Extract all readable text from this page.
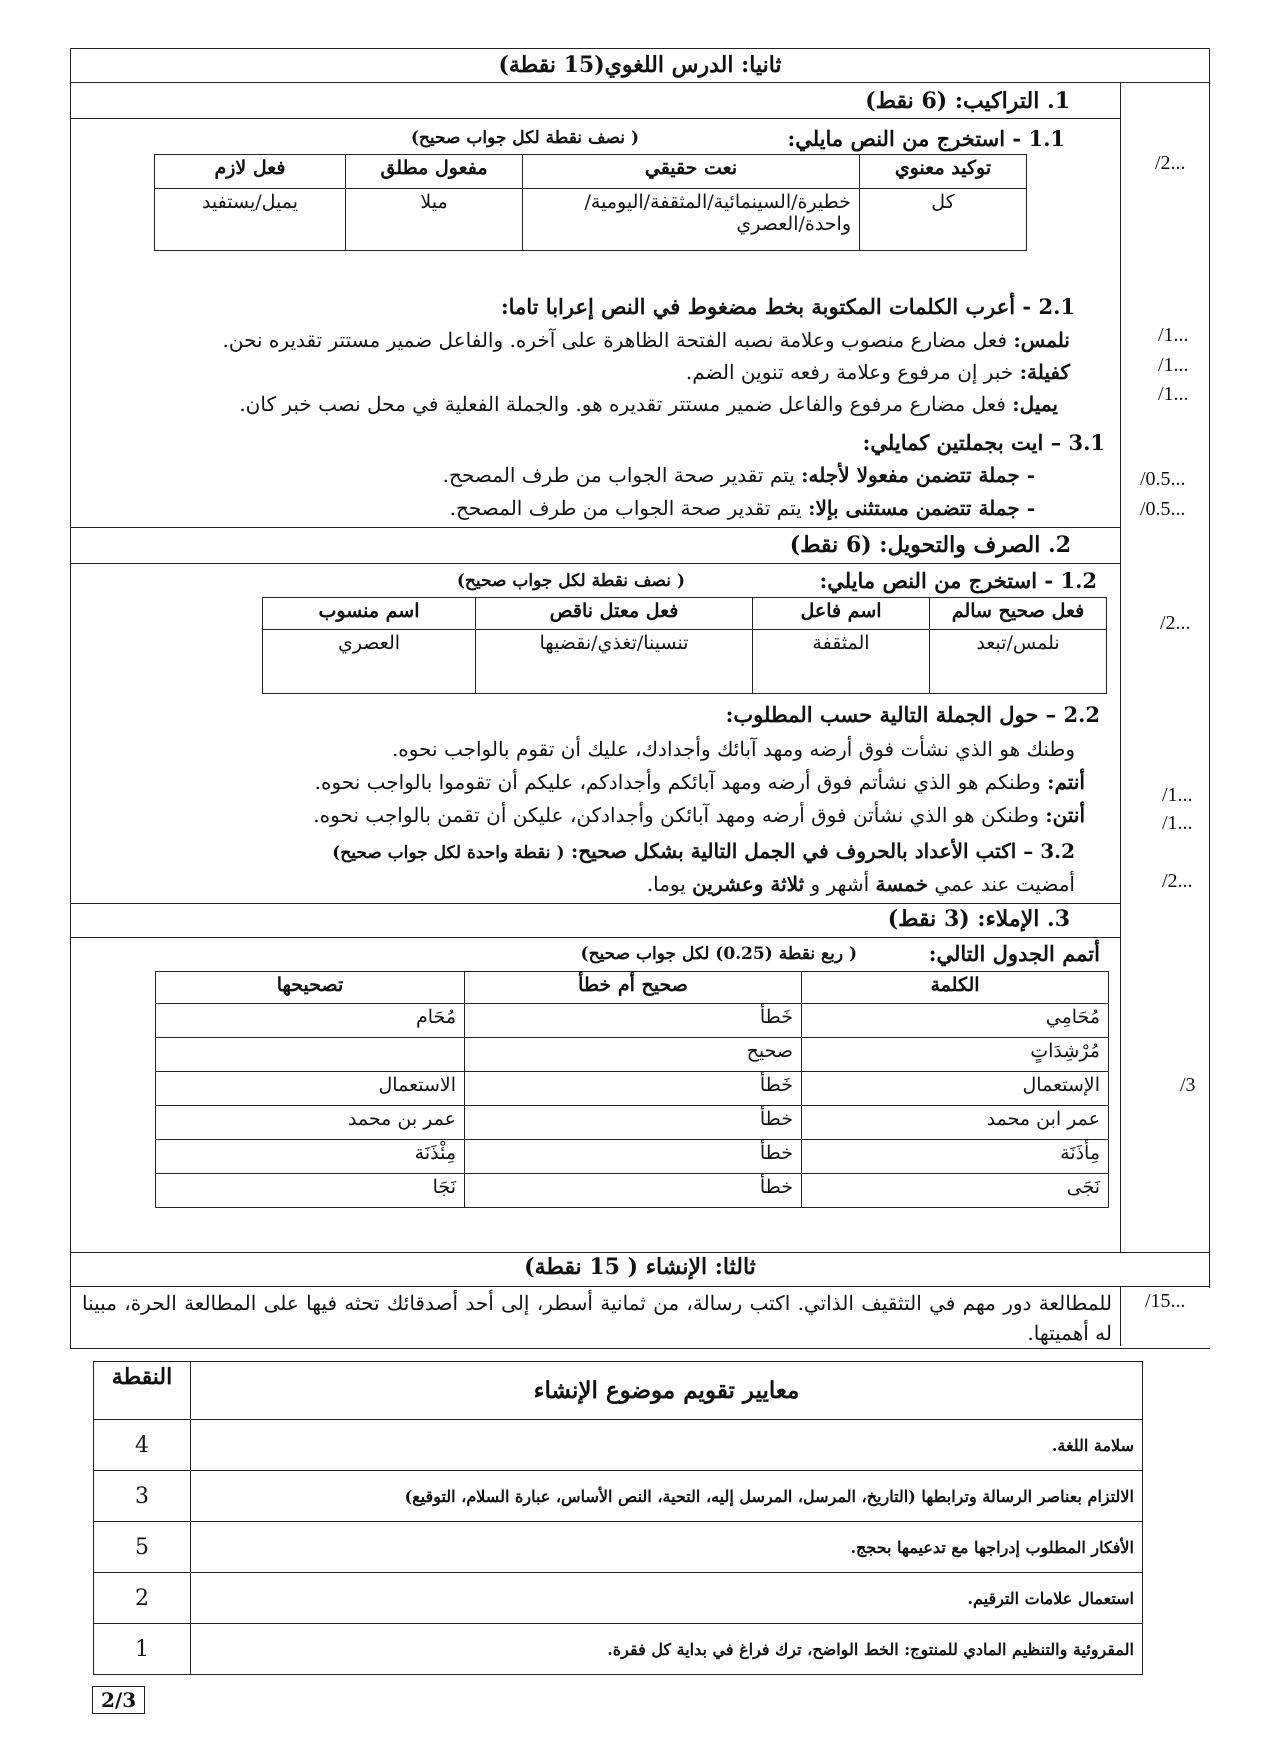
ثانيا: الدرس اللغوي(15 نقطة)
1. التراكيب: (6 نقط)
1.1 - استخرج من النص مايلي:
( نصف نقطة لكل جواب صحيح)
/2...
توكيد معنوي	نعت حقيقي	مفعول مطلق	فعل لازم
كل	خطيرة/السينمائية/المثقفة/اليومية/ واحدة/العصري	ميلا	يميل/يستفيد
2.1 - أعرب الكلمات المكتوبة بخط مضغوط في النص إعرابا تاما:
نلمس: فعل مضارع منصوب وعلامة نصبه الفتحة الظاهرة على آخره. والفاعل ضمير مستتر تقديره نحن.
كفيلة: خبر إن مرفوع وعلامة رفعه تنوين الضم.
يميل: فعل مضارع مرفوع والفاعل ضمير مستتر تقديره هو. والجملة الفعلية في محل نصب خبر كان.
/1...
/1...
/1...
3.1 – ايت بجملتين كمايلي:
- جملة تتضمن مفعولا لأجله: يتم تقدير صحة الجواب من طرف المصحح.
- جملة تتضمن مستثنى بإلا: يتم تقدير صحة الجواب من طرف المصحح.
/0.5...
/0.5...
2. الصرف والتحويل: (6 نقط)
1.2 - استخرج من النص مايلي:
( نصف نقطة لكل جواب صحيح)
/2...
فعل صحيح سالم	اسم فاعل	فعل معتل ناقص	اسم منسوب
نلمس/تبعد	المثقفة	تنسينا/تغذي/نقضيها	العصري
2.2 – حول الجملة التالية حسب المطلوب:
وطنك هو الذي نشأت فوق أرضه ومهد آبائك وأجدادك، عليك أن تقوم بالواجب نحوه.
أنتم: وطنكم هو الذي نشأتم فوق أرضه ومهد آبائكم وأجدادكم، عليكم أن تقوموا بالواجب نحوه.
أنتن: وطنكن هو الذي نشأتن فوق أرضه ومهد آبائكن وأجدادكن، عليكن أن تقمن بالواجب نحوه.
/1...
/1...
3.2 – اكتب الأعداد بالحروف في الجمل التالية بشكل صحيح: ( نقطة واحدة لكل جواب صحيح)
أمضيت عند عمي خمسة أشهر و ثلاثة وعشرين يوما.	/2...
3. الإملاء: (3 نقط)
أتمم الجدول التالي:
( ربع نقطة (0.25) لكل جواب صحيح)
/3
الكلمة	صحيح أم خطأ	تصحيحها
مُحَامِي	خَطأ	مُحَام
مُرْشِدَاتٍ	صحيح	
الإستعمال	خَطأ	الاستعمال
عمر ابن محمد	خطأ	عمر بن محمد
مِأذَنَة	خطأ	مِئْذَنَة
نَجَى	خطأ	نَجَا
ثالثا: الإنشاء ( 15 نقطة)
للمطالعة دور مهم في التثقيف الذاتي. اكتب رسالة، من ثمانية أسطر، إلى أحد أصدقائك تحثه فيها على المطالعة الحرة، مبينا له أهميتها.
/15...
معايير تقويم موضوع الإنشاء	النقطة
سلامة اللغة.	4
الالتزام بعناصر الرسالة وترابطها (التاريخ، المرسل، المرسل إليه، التحية، النص الأساس، عبارة السلام، التوقيع)	3
الأفكار المطلوب إدراجها مع تدعيمها بحجج.	5
استعمال علامات الترقيم.	2
المقروئية والتنظيم المادي للمنتوج: الخط الواضح، ترك فراغ في بداية كل فقرة.	1
2/3
